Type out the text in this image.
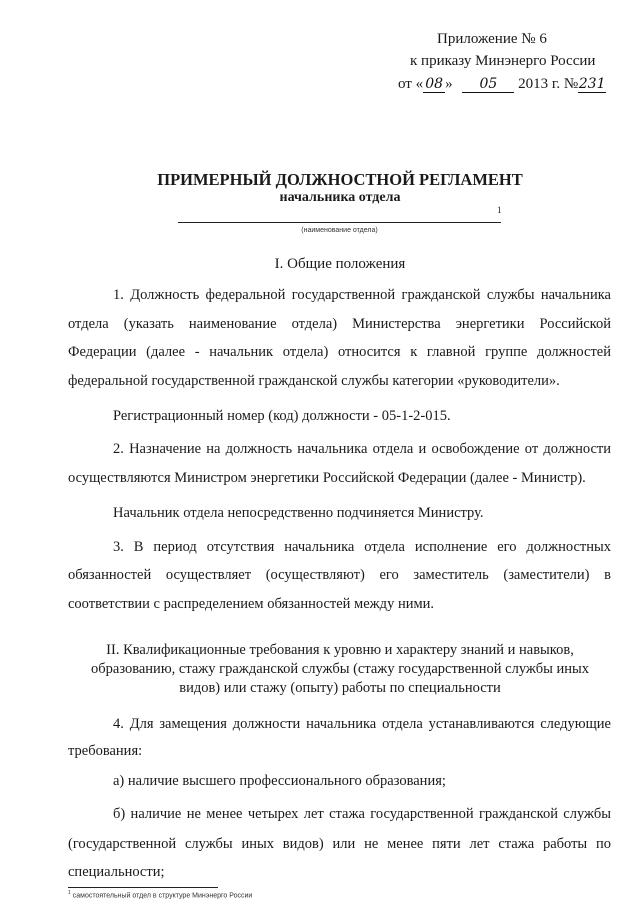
Приложение № 6
к приказу Минэнерго России
от « 08 » 05 2013 г. №231
ПРИМЕРНЫЙ ДОЛЖНОСТНОЙ РЕГЛАМЕНТ
начальника отдела
1
(наименование отдела)
I. Общие положения
1. Должность федеральной государственной гражданской службы начальника
отдела (указать наименование отдела) Министерства энергетики Российской
Федерации (далее - начальник отдела) относится к главной группе должностей
федеральной государственной гражданской службы категории «руководители».
Регистрационный номер (код) должности - 05-1-2-015.
2. Назначение на должность начальника отдела и освобождение от должности
осуществляются Министром энергетики Российской Федерации (далее - Министр).
Начальник отдела непосредственно подчиняется Министру.
3. В период отсутствия начальника отдела исполнение его должностных
обязанностей осуществляет (осуществляют) его заместитель (заместители) в
соответствии с распределением обязанностей между ними.
II. Квалификационные требования к уровню и характеру знаний и навыков,
образованию, стажу гражданской службы (стажу государственной службы иных
видов) или стажу (опыту) работы по специальности
4. Для замещения должности начальника отдела устанавливаются следующие
требования:
а) наличие высшего профессионального образования;
б) наличие не менее четырех лет стажа государственной гражданской службы
(государственной службы иных видов) или не менее пяти лет стажа работы по
специальности;
$^1$ самостоятельный отдел в структуре Минэнерго России
